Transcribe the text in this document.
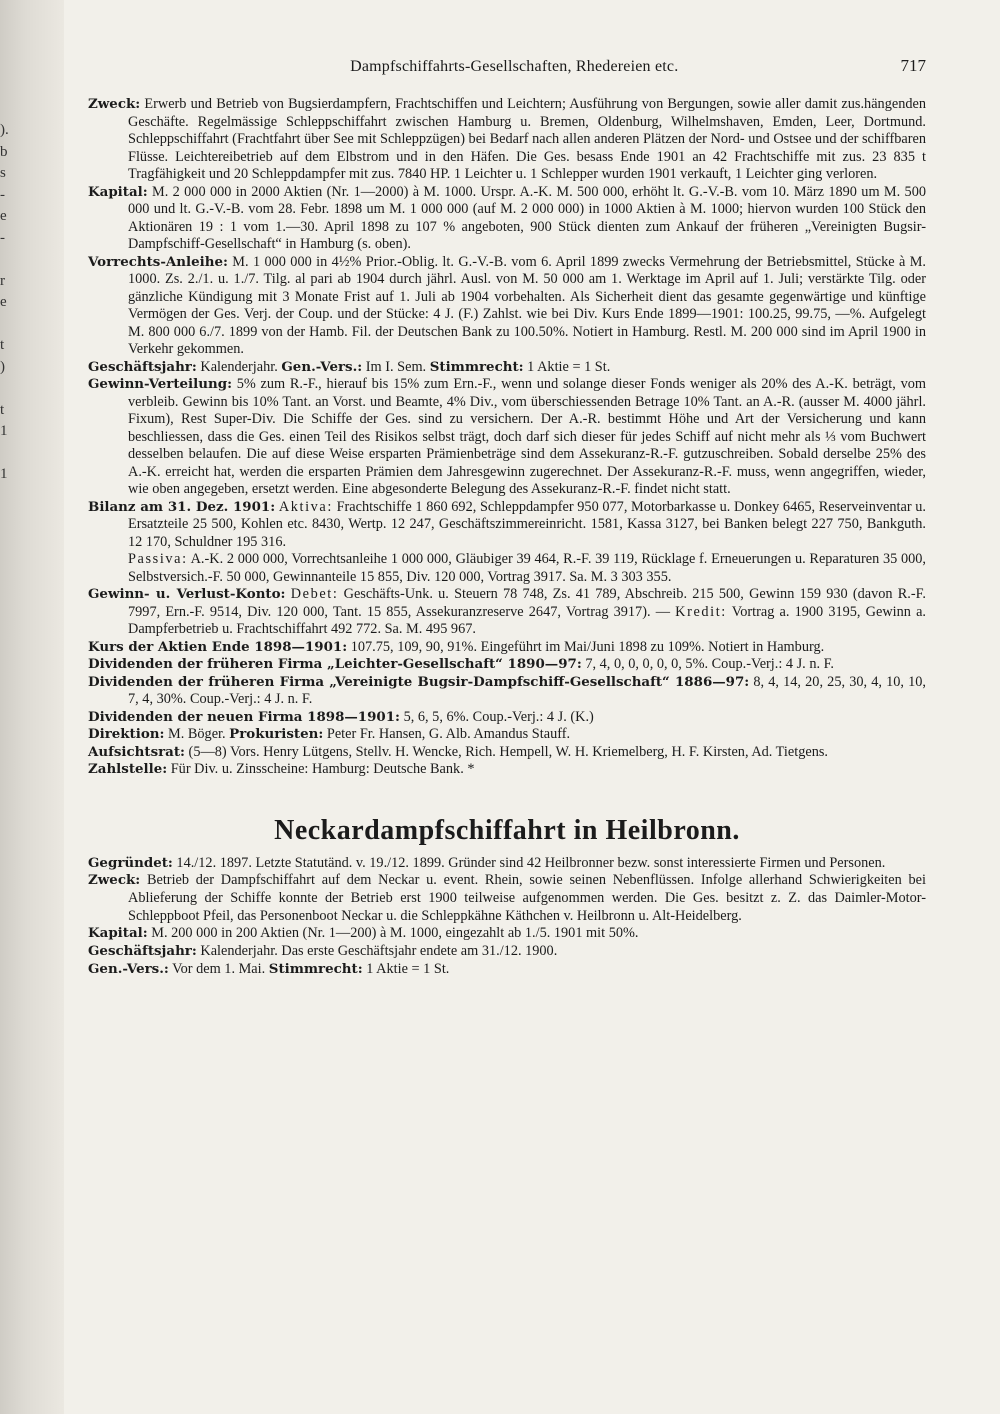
).
b
s
-
e
-
r
e
t
)
t
1
1
Dampfschiffahrts-Gesellschaften, Rhedereien etc.	717

Zweck: Erwerb und Betrieb von Bugsierdampfern, Frachtschiffen und Leichtern; Ausführung von Bergungen, sowie aller damit zus.hängenden Geschäfte. Regelmässige Schleppschiffahrt zwischen Hamburg u. Bremen, Oldenburg, Wilhelmshaven, Emden, Leer, Dortmund. Schleppschiffahrt (Frachtfahrt über See mit Schleppzügen) bei Bedarf nach allen anderen Plätzen der Nord- und Ostsee und der schiffbaren Flüsse. Leichtereibetrieb auf dem Elbstrom und in den Häfen. Die Ges. besass Ende 1901 an 42 Frachtschiffe mit zus. 23 835 t Tragfähigkeit und 20 Schleppdampfer mit zus. 7840 HP. 1 Leichter u. 1 Schlepper wurden 1901 verkauft, 1 Leichter ging verloren.

Kapital: M. 2 000 000 in 2000 Aktien (Nr. 1—2000) à M. 1000. Urspr. A.-K. M. 500 000, erhöht lt. G.-V.-B. vom 10. März 1890 um M. 500 000 und lt. G.-V.-B. vom 28. Febr. 1898 um M. 1 000 000 (auf M. 2 000 000) in 1000 Aktien à M. 1000; hiervon wurden 100 Stück den Aktionären 19 : 1 vom 1.—30. April 1898 zu 107 % angeboten, 900 Stück dienten zum Ankauf der früheren „Vereinigten Bugsir-Dampfschiff-Gesellschaft“ in Hamburg (s. oben).

Vorrechts-Anleihe: M. 1 000 000 in 4½% Prior.-Oblig. lt. G.-V.-B. vom 6. April 1899 zwecks Vermehrung der Betriebsmittel, Stücke à M. 1000. Zs. 2./1. u. 1./7. Tilg. al pari ab 1904 durch jährl. Ausl. von M. 50 000 am 1. Werktage im April auf 1. Juli; verstärkte Tilg. oder gänzliche Kündigung mit 3 Monate Frist auf 1. Juli ab 1904 vorbehalten. Als Sicherheit dient das gesamte gegenwärtige und künftige Vermögen der Ges. Verj. der Coup. und der Stücke: 4 J. (F.) Zahlst. wie bei Div. Kurs Ende 1899—1901: 100.25, 99.75, —%. Aufgelegt M. 800 000 6./7. 1899 von der Hamb. Fil. der Deutschen Bank zu 100.50%. Notiert in Hamburg. Restl. M. 200 000 sind im April 1900 in Verkehr gekommen.

Geschäftsjahr: Kalenderjahr. Gen.-Vers.: Im I. Sem. Stimmrecht: 1 Aktie = 1 St.

Gewinn-Verteilung: 5% zum R.-F., hierauf bis 15% zum Ern.-F., wenn und solange dieser Fonds weniger als 20% des A.-K. beträgt, vom verbleib. Gewinn bis 10% Tant. an Vorst. und Beamte, 4% Div., vom überschiessenden Betrage 10% Tant. an A.-R. (ausser M. 4000 jährl. Fixum), Rest Super-Div. Die Schiffe der Ges. sind zu versichern. Der A.-R. bestimmt Höhe und Art der Versicherung und kann beschliessen, dass die Ges. einen Teil des Risikos selbst trägt, doch darf sich dieser für jedes Schiff auf nicht mehr als ⅓ vom Buchwert desselben belaufen. Die auf diese Weise ersparten Prämienbeträge sind dem Assekuranz-R.-F. gutzuschreiben. Sobald derselbe 25% des A.-K. erreicht hat, werden die ersparten Prämien dem Jahresgewinn zugerechnet. Der Assekuranz-R.-F. muss, wenn angegriffen, wieder, wie oben angegeben, ersetzt werden. Eine abgesonderte Belegung des Assekuranz-R.-F. findet nicht statt.

Bilanz am 31. Dez. 1901: Aktiva: Frachtschiffe 1 860 692, Schleppdampfer 950 077, Motorbarkasse u. Donkey 6465, Reserveinventar u. Ersatzteile 25 500, Kohlen etc. 8430, Wertp. 12 247, Geschäftszimmereinricht. 1581, Kassa 3127, bei Banken belegt 227 750, Bankguth. 12 170, Schuldner 195 316.

Passiva: A.-K. 2 000 000, Vorrechtsanleihe 1 000 000, Gläubiger 39 464, R.-F. 39 119, Rücklage f. Erneuerungen u. Reparaturen 35 000, Selbstversich.-F. 50 000, Gewinnanteile 15 855, Div. 120 000, Vortrag 3917. Sa. M. 3 303 355.

Gewinn- u. Verlust-Konto: Debet: Geschäfts-Unk. u. Steuern 78 748, Zs. 41 789, Abschreib. 215 500, Gewinn 159 930 (davon R.-F. 7997, Ern.-F. 9514, Div. 120 000, Tant. 15 855, Assekuranzreserve 2647, Vortrag 3917). — Kredit: Vortrag a. 1900 3195, Gewinn a. Dampferbetrieb u. Frachtschiffahrt 492 772. Sa. M. 495 967.

Kurs der Aktien Ende 1898—1901: 107.75, 109, 90, 91%. Eingeführt im Mai/Juni 1898 zu 109%. Notiert in Hamburg.

Dividenden der früheren Firma „Leichter-Gesellschaft“ 1890—97: 7, 4, 0, 0, 0, 0, 0, 5%. Coup.-Verj.: 4 J. n. F.

Dividenden der früheren Firma „Vereinigte Bugsir-Dampfschiff-Gesellschaft“ 1886—97: 8, 4, 14, 20, 25, 30, 4, 10, 10, 7, 4, 30%. Coup.-Verj.: 4 J. n. F.

Dividenden der neuen Firma 1898—1901: 5, 6, 5, 6%. Coup.-Verj.: 4 J. (K.)

Direktion: M. Böger. Prokuristen: Peter Fr. Hansen, G. Alb. Amandus Stauff.

Aufsichtsrat: (5—8) Vors. Henry Lütgens, Stellv. H. Wencke, Rich. Hempell, W. H. Kriemelberg, H. F. Kirsten, Ad. Tietgens.

Zahlstelle: Für Div. u. Zinsscheine: Hamburg: Deutsche Bank. *

Neckardampfschiffahrt in Heilbronn.

Gegründet: 14./12. 1897. Letzte Statutänd. v. 19./12. 1899. Gründer sind 42 Heilbronner bezw. sonst interessierte Firmen und Personen.

Zweck: Betrieb der Dampfschiffahrt auf dem Neckar u. event. Rhein, sowie seinen Nebenflüssen. Infolge allerhand Schwierigkeiten bei Ablieferung der Schiffe konnte der Betrieb erst 1900 teilweise aufgenommen werden. Die Ges. besitzt z. Z. das Daimler-Motor-Schleppboot Pfeil, das Personenboot Neckar u. die Schleppkähne Käthchen v. Heilbronn u. Alt-Heidelberg.

Kapital: M. 200 000 in 200 Aktien (Nr. 1—200) à M. 1000, eingezahlt ab 1./5. 1901 mit 50%.

Geschäftsjahr: Kalenderjahr. Das erste Geschäftsjahr endete am 31./12. 1900.

Gen.-Vers.: Vor dem 1. Mai. Stimmrecht: 1 Aktie = 1 St.
